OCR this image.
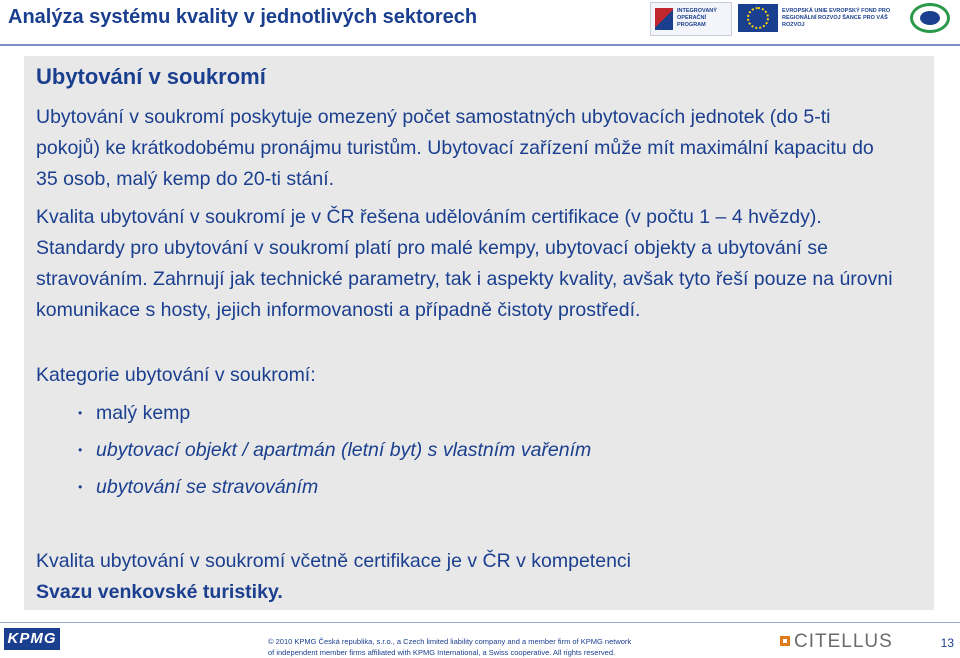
Analýza systému kvality v jednotlivých sektorech	INTEGROVANÝ OPERAČNÍ PROGRAM
EVROPSKÁ UNIE EVROPSKÝ FOND PRO REGIONÁLNÍ ROZVOJ ŠANCE PRO VÁŠ ROZVOJ
Ubytování v soukromí
Ubytování v soukromí poskytuje omezený počet samostatných ubytovacích jednotek (do 5-ti pokojů) ke krátkodobému pronájmu turistům. Ubytovací zařízení může mít maximální kapacitu do 35 osob, malý kemp do 20-ti stání.
Kvalita ubytování v soukromí je v ČR řešena udělováním certifikace (v počtu 1 – 4 hvězdy). Standardy pro ubytování v soukromí platí pro malé kempy, ubytovací objekty a ubytování se stravováním. Zahrnují jak technické parametry, tak i aspekty kvality, avšak tyto řeší pouze na úrovni komunikace s hosty, jejich informovanosti a případně čistoty prostředí.
Kategorie ubytování v soukromí:
• malý kemp
• ubytovací objekt / apartmán (letní byt) s vlastním vařením
• ubytování se stravováním
Kvalita ubytování v soukromí včetně certifikace je v ČR v kompetenci
Svazu venkovské turistiky.
KPMG	© 2010 KPMG Česká republika, s.r.o., a Czech limited liability company and a member firm of KPMG network
of independent member firms affiliated with KPMG International, a Swiss cooperative. All rights reserved.
CITELLUS	13
